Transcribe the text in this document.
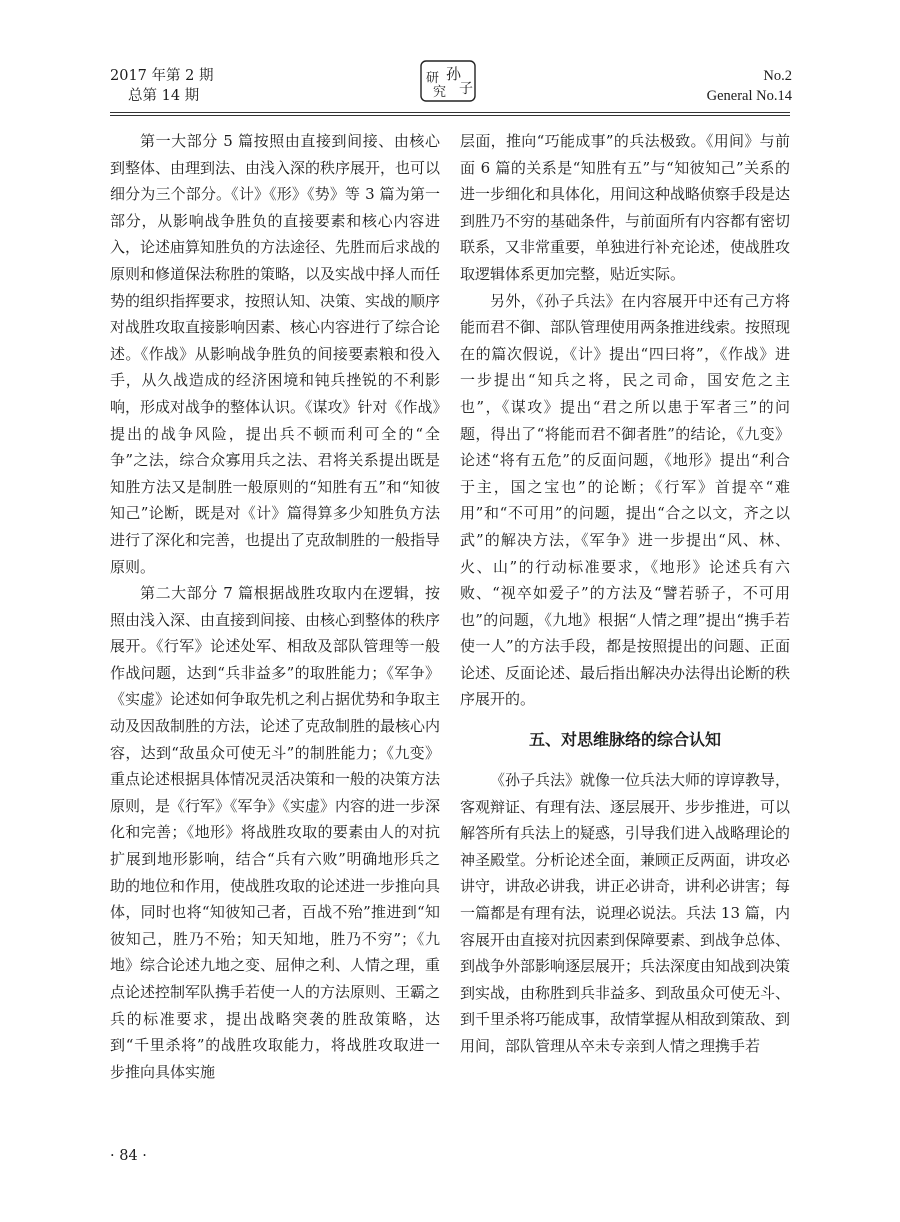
2017 年第 2 期
总第 14 期
孙
子
研
究
No.2
General No.14

第一大部分 5 篇按照由直接到间接、由核心到整体、由理到法、由浅入深的秩序展开，也可以细分为三个部分。《计》《形》《势》等 3 篇为第一部分，从影响战争胜负的直接要素和核心内容进入，论述庙算知胜负的方法途径、先胜而后求战的原则和修道保法称胜的策略，以及实战中择人而任势的组织指挥要求，按照认知、决策、实战的顺序对战胜攻取直接影响因素、核心内容进行了综合论述。《作战》从影响战争胜负的间接要素粮和役入手，从久战造成的经济困境和钝兵挫锐的不利影响，形成对战争的整体认识。《谋攻》针对《作战》提出的战争风险，提出兵不顿而利可全的“全争”之法，综合众寡用兵之法、君将关系提出既是知胜方法又是制胜一般原则的“知胜有五”和“知彼知己”论断，既是对《计》篇得算多少知胜负方法进行了深化和完善，也提出了克敌制胜的一般指导原则。

第二大部分 7 篇根据战胜攻取内在逻辑，按照由浅入深、由直接到间接、由核心到整体的秩序展开。《行军》论述处军、相敌及部队管理等一般作战问题，达到“兵非益多”的取胜能力；《军争》《实虚》论述如何争取先机之利占据优势和争取主动及因敌制胜的方法，论述了克敌制胜的最核心内容，达到“敌虽众可使无斗”的制胜能力；《九变》重点论述根据具体情况灵活决策和一般的决策方法原则，是《行军》《军争》《实虚》内容的进一步深化和完善；《地形》将战胜攻取的要素由人的对抗扩展到地形影响，结合“兵有六败”明确地形兵之助的地位和作用，使战胜攻取的论述进一步推向具体，同时也将“知彼知己者，百战不殆”推进到“知彼知己，胜乃不殆；知天知地，胜乃不穷”；《九地》综合论述九地之变、屈伸之利、人情之理，重点论述控制军队携手若使一人的方法原则、王霸之兵的标准要求，提出战略突袭的胜敌策略，达到“千里杀将”的战胜攻取能力，将战胜攻取进一步推向具体实施

层面，推向“巧能成事”的兵法极致。《用间》与前面 6 篇的关系是“知胜有五”与“知彼知己”关系的进一步细化和具体化，用间这种战略侦察手段是达到胜乃不穷的基础条件，与前面所有内容都有密切联系，又非常重要，单独进行补充论述，使战胜攻取逻辑体系更加完整，贴近实际。

另外，《孙子兵法》在内容展开中还有己方将能而君不御、部队管理使用两条推进线索。按照现在的篇次假说，《计》提出“四曰将”，《作战》进一步提出“知兵之将，民之司命，国安危之主也”，《谋攻》提出“君之所以患于军者三”的问题，得出了“将能而君不御者胜”的结论，《九变》论述“将有五危”的反面问题，《地形》提出“利合于主，国之宝也”的论断；《行军》首提卒“难用”和“不可用”的问题，提出“合之以文，齐之以武”的解决方法，《军争》进一步提出“风、林、火、山”的行动标准要求，《地形》论述兵有六败、“视卒如爱子”的方法及“譬若骄子，不可用也”的问题，《九地》根据“人情之理”提出“携手若使一人”的方法手段，都是按照提出的问题、正面论述、反面论述、最后指出解决办法得出论断的秩序展开的。

五、对思维脉络的综合认知

《孙子兵法》就像一位兵法大师的谆谆教导，客观辩证、有理有法、逐层展开、步步推进，可以解答所有兵法上的疑惑，引导我们进入战略理论的神圣殿堂。分析论述全面，兼顾正反两面，讲攻必讲守，讲敌必讲我，讲正必讲奇，讲利必讲害；每一篇都是有理有法，说理必说法。兵法 13 篇，内容展开由直接对抗因素到保障要素、到战争总体、到战争外部影响逐层展开；兵法深度由知战到决策到实战，由称胜到兵非益多、到敌虽众可使无斗、到千里杀将巧能成事，敌情掌握从相敌到策敌、到用间，部队管理从卒未专亲到人情之理携手若

· 84 ·
